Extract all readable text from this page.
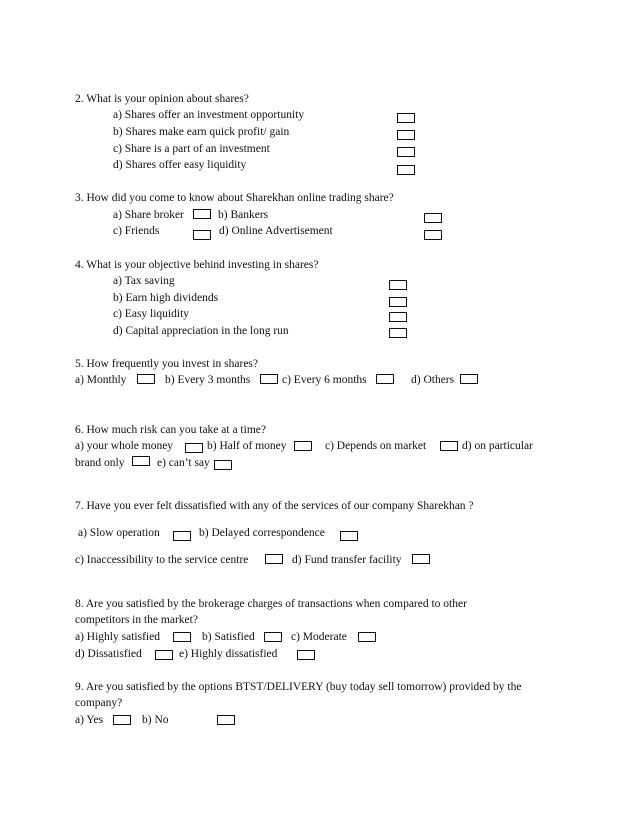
2. What is your opinion about shares?
a) Shares offer an investment opportunity
b) Shares make earn quick profit/ gain
c) Share is a part of an investment
d) Shares offer easy liquidity
3. How did you come to know about Sharekhan online trading share?
a) Share broker	b) Bankers
c) Friends	d) Online Advertisement
4. What is your objective behind investing in shares?
a) Tax saving
b) Earn high dividends
c) Easy liquidity
d) Capital appreciation in the long run
5. How frequently you invest in shares?
a) Monthly	b) Every 3 months	c) Every 6 months	d) Others
6. How much risk can you take at a time?
a) your whole money	b) Half of money	c) Depends on market	d) on particular
brand only	e) can’t say
7. Have you ever felt dissatisfied with any of the services of our company Sharekhan ?
a) Slow operation	b) Delayed correspondence
c) Inaccessibility to the service centre	d) Fund transfer facility
8. Are you satisfied by the brokerage charges of transactions when compared to other
competitors in the market?
a) Highly satisfied	b) Satisfied	c) Moderate
d) Dissatisfied	e) Highly dissatisfied
9. Are you satisfied by the options BTST/DELIVERY (buy today sell tomorrow) provided by the
company?
a) Yes	b) No
